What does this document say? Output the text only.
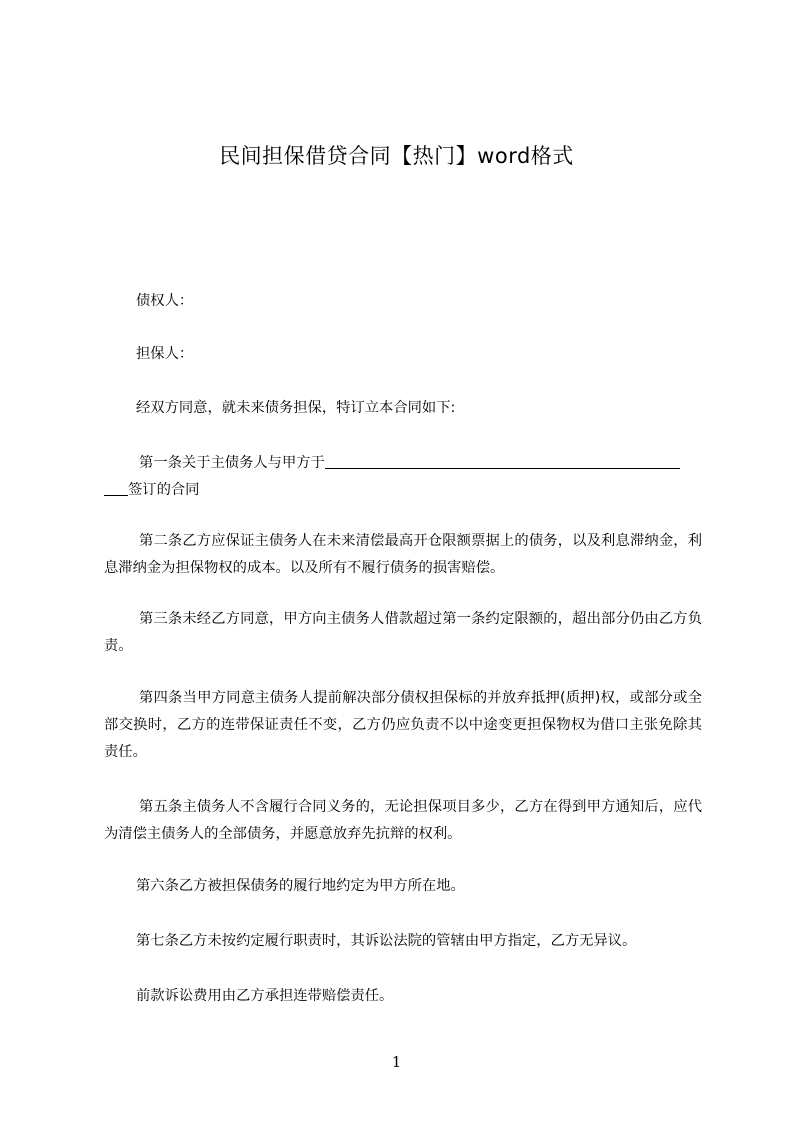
民间担保借贷合同【热门】word格式

债权人：

担保人：

经双方同意，就未来债务担保，特订立本合同如下:

第一条关于主债务人与甲方于
签订的合同

第二条乙方应保证主债务人在未来清偿最高开仓限额票据上的债务，以及利息滞纳金，利息滞纳金为担保物权的成本。以及所有不履行债务的损害赔偿。

第三条未经乙方同意，甲方向主债务人借款超过第一条约定限额的，超出部分仍由乙方负责。

第四条当甲方同意主债务人提前解决部分债权担保标的并放弃抵押(质押)权，或部分或全部交换时，乙方的连带保证责任不变，乙方仍应负责不以中途变更担保物权为借口主张免除其责任。

第五条主债务人不含履行合同义务的，无论担保项目多少，乙方在得到甲方通知后，应代为清偿主债务人的全部债务，并愿意放弃先抗辩的权利。

第六条乙方被担保债务的履行地约定为甲方所在地。

第七条乙方未按约定履行职责时，其诉讼法院的管辖由甲方指定，乙方无异议。

前款诉讼费用由乙方承担连带赔偿责任。

1
